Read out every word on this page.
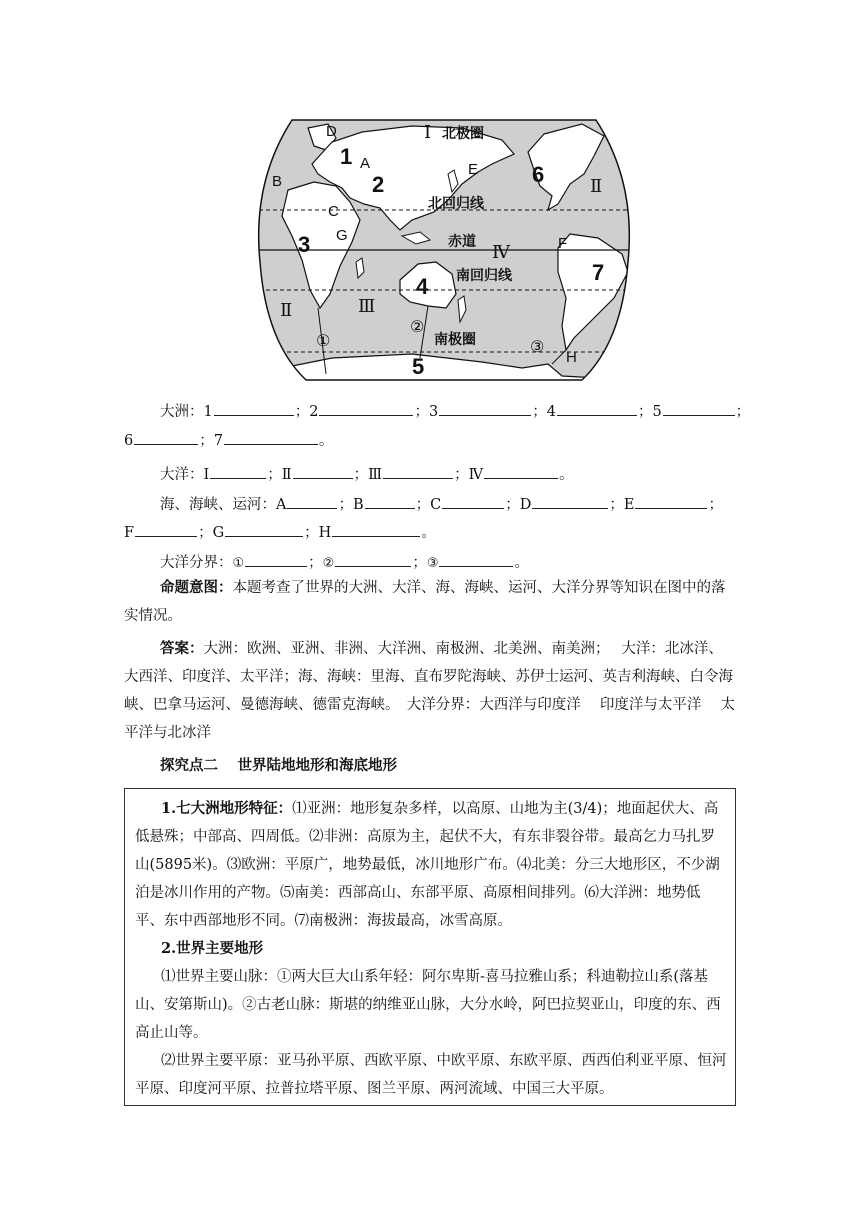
1
2
3
4
5
6
7
Ⅰ
Ⅱ
Ⅱ	Ⅲ
Ⅳ
A
B
C
D
E
F
G
H
①
②
③
北极圈
北回归线
赤道
南回归线
南极圈
大洲：1	；2	；3	；4	；5	；
6	；7	。
大洋：Ⅰ	；Ⅱ	；Ⅲ	；Ⅳ	。
海、海峡、运河：A	；B	；C	；D	；E	；
F	；G	；H	。
大洋分界：①	；②	；③	。
命题意图：本题考查了世界的大洲、大洋、海、海峡、运河、大洋分界等知识在图中的落实情况。
答案：大洲：欧洲、亚洲、非洲、大洋洲、南极洲、北美洲、南美洲；　 大洋：北冰洋、大西洋、印度洋、太平洋；海、海峡：里海、直布罗陀海峡、苏伊士运河、英吉利海峡、白令海峡、巴拿马运河、曼德海峡、德雷克海峡。　大洋分界：大西洋与印度洋　 印度洋与太平洋　 太平洋与北冰洋
探究点二　 世界陆地地形和海底地形
1.七大洲地形特征：⑴亚洲：地形复杂多样，以高原、山地为主(3/4)；地面起伏大、高低悬殊；中部高、四周低。⑵非洲：高原为主，起伏不大，有东非裂谷带。最高乞力马扎罗山(5895米)。⑶欧洲：平原广，地势最低，冰川地形广布。⑷北美：分三大地形区，不少湖泊是冰川作用的产物。⑸南美：西部高山、东部平原、高原相间排列。⑹大洋洲：地势低平、东中西部地形不同。⑺南极洲：海拔最高，冰雪高原。
2.世界主要地形
⑴世界主要山脉：①两大巨大山系年轻：阿尔卑斯-喜马拉雅山系；科迪勒拉山系(落基山、安第斯山)。②古老山脉：斯堪的纳维亚山脉，大分水岭，阿巴拉契亚山，印度的东、西高止山等。
⑵世界主要平原：亚马孙平原、西欧平原、中欧平原、东欧平原、西西伯利亚平原、恒河平原、印度河平原、拉普拉塔平原、图兰平原、两河流域、中国三大平原。
